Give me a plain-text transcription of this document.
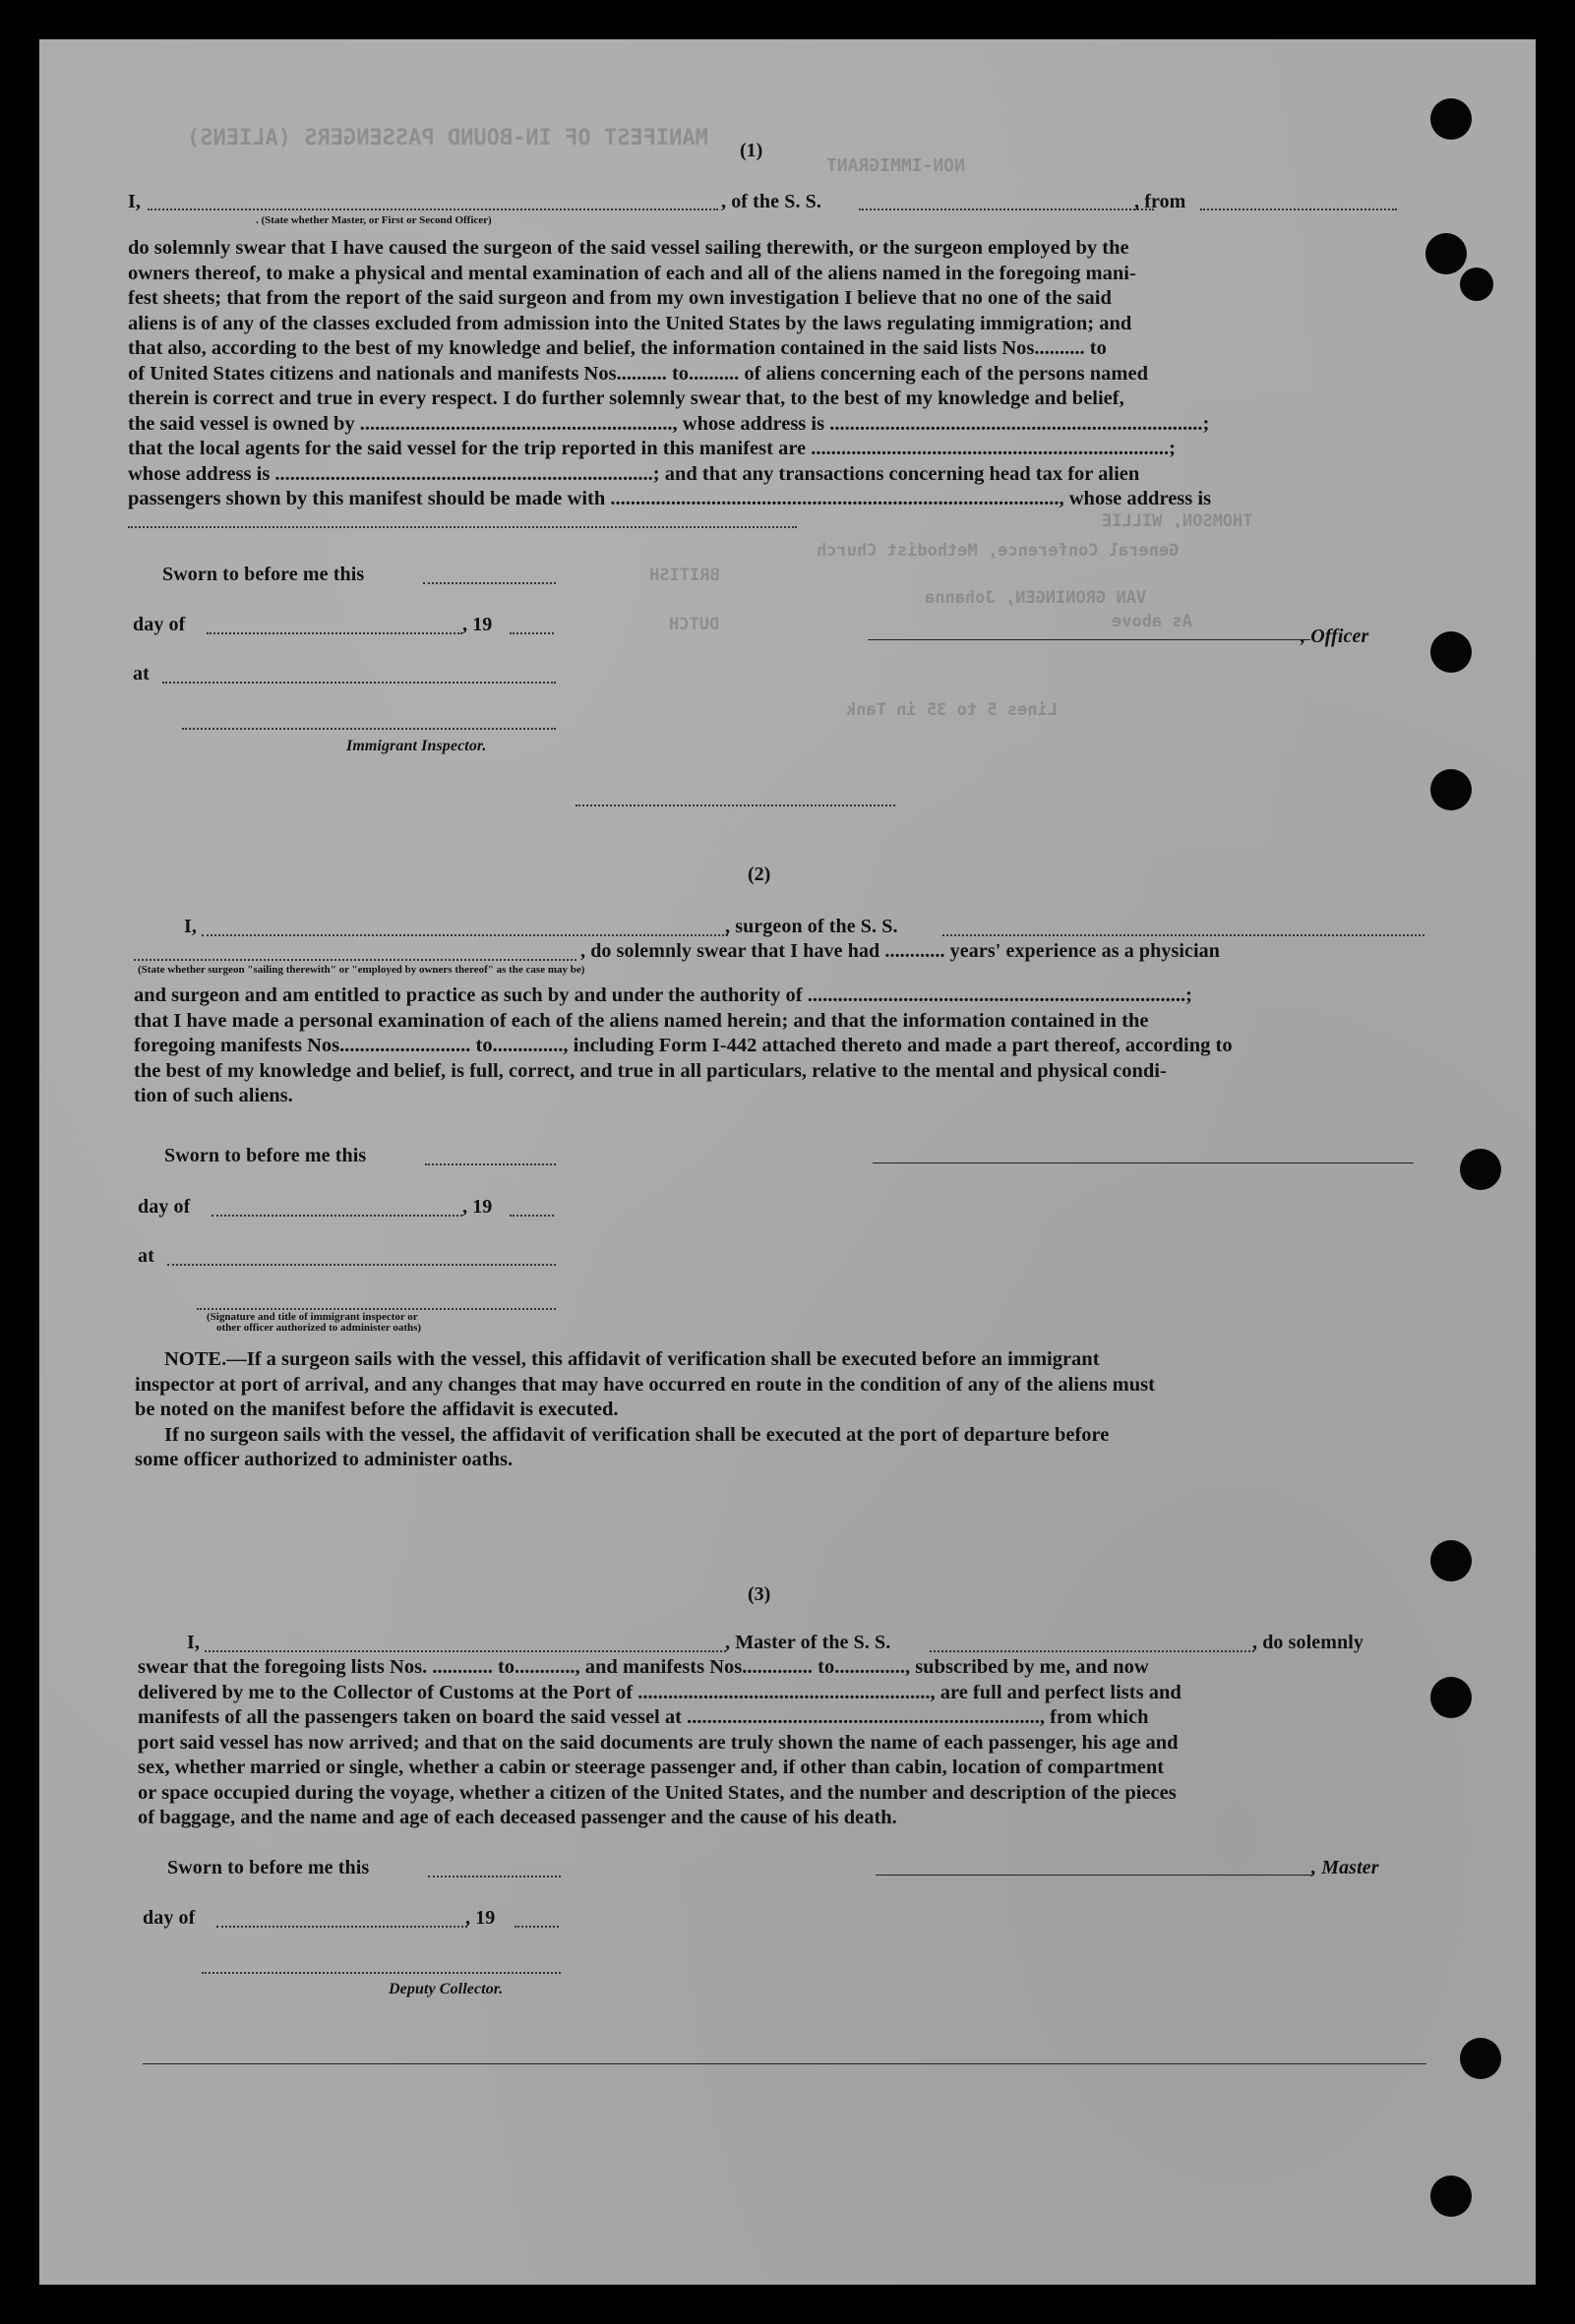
MANIFEST OF IN-BOUND PASSENGERS (ALIENS)
NON-IMMIGRANT
THOMSON, WILLIE
General Conference, Methodist Church
VAN GRONINGEN, Johanna
As above
BRITISH
DUTCH
Lines 5 to 35 in Tank
(1)
I,	, of the S. S.	, from
. (State whether Master, or First or Second Officer)
do solemnly swear that I have caused the surgeon of the said vessel sailing therewith, or the surgeon employed by the
owners thereof, to make a physical and mental examination of each and all of the aliens named in the foregoing mani-
fest sheets; that from the report of the said surgeon and from my own investigation I believe that no one of the said
aliens is of any of the classes excluded from admission into the United States by the laws regulating immigration; and
that also, according to the best of my knowledge and belief, the information contained in the said lists Nos.......... to
of United States citizens and nationals and manifests Nos.......... to.......... of aliens concerning each of the persons named
therein is correct and true in every respect. I do further solemnly swear that, to the best of my knowledge and belief,
the said vessel is owned by .............................................................., whose address is ..........................................................................;
that the local agents for the said vessel for the trip reported in this manifest are .......................................................................;
whose address is ...........................................................................; and that any transactions concerning head tax for alien
passengers shown by this manifest should be made with ........................................................................................., whose address is
Sworn to before me this
day of	, 19
at
, Officer
Immigrant Inspector.
(2)
I,	, surgeon of the S. S.
, do solemnly swear that I have had ............ years' experience as a physician
(State whether surgeon "sailing therewith" or "employed by owners thereof" as the case may be)
and surgeon and am entitled to practice as such by and under the authority of ...........................................................................;
that I have made a personal examination of each of the aliens named herein; and that the information contained in the
foregoing manifests Nos.......................... to.............., including Form I-442 attached thereto and made a part thereof, according to
the best of my knowledge and belief, is full, correct, and true in all particulars, relative to the mental and physical condi-
tion of such aliens.
Sworn to before me this
day of	, 19
at
(Signature and title of immigrant inspector or
other officer authorized to administer oaths)
NOTE.—If a surgeon sails with the vessel, this affidavit of verification shall be executed before an immigrant
inspector at port of arrival, and any changes that may have occurred en route in the condition of any of the aliens must
be noted on the manifest before the affidavit is executed.
If no surgeon sails with the vessel, the affidavit of verification shall be executed at the port of departure before
some officer authorized to administer oaths.
(3)
I,	, Master of the S. S.	, do solemnly
swear that the foregoing lists Nos. ............ to............, and manifests Nos.............. to.............., subscribed by me, and now
delivered by me to the Collector of Customs at the Port of .........................................................., are full and perfect lists and
manifests of all the passengers taken on board the said vessel at ......................................................................, from which
port said vessel has now arrived; and that on the said documents are truly shown the name of each passenger, his age and
sex, whether married or single, whether a cabin or steerage passenger and, if other than cabin, location of compartment
or space occupied during the voyage, whether a citizen of the United States, and the number and description of the pieces
of baggage, and the name and age of each deceased passenger and the cause of his death.
Sworn to before me this	, Master
day of	, 19
Deputy Collector.
